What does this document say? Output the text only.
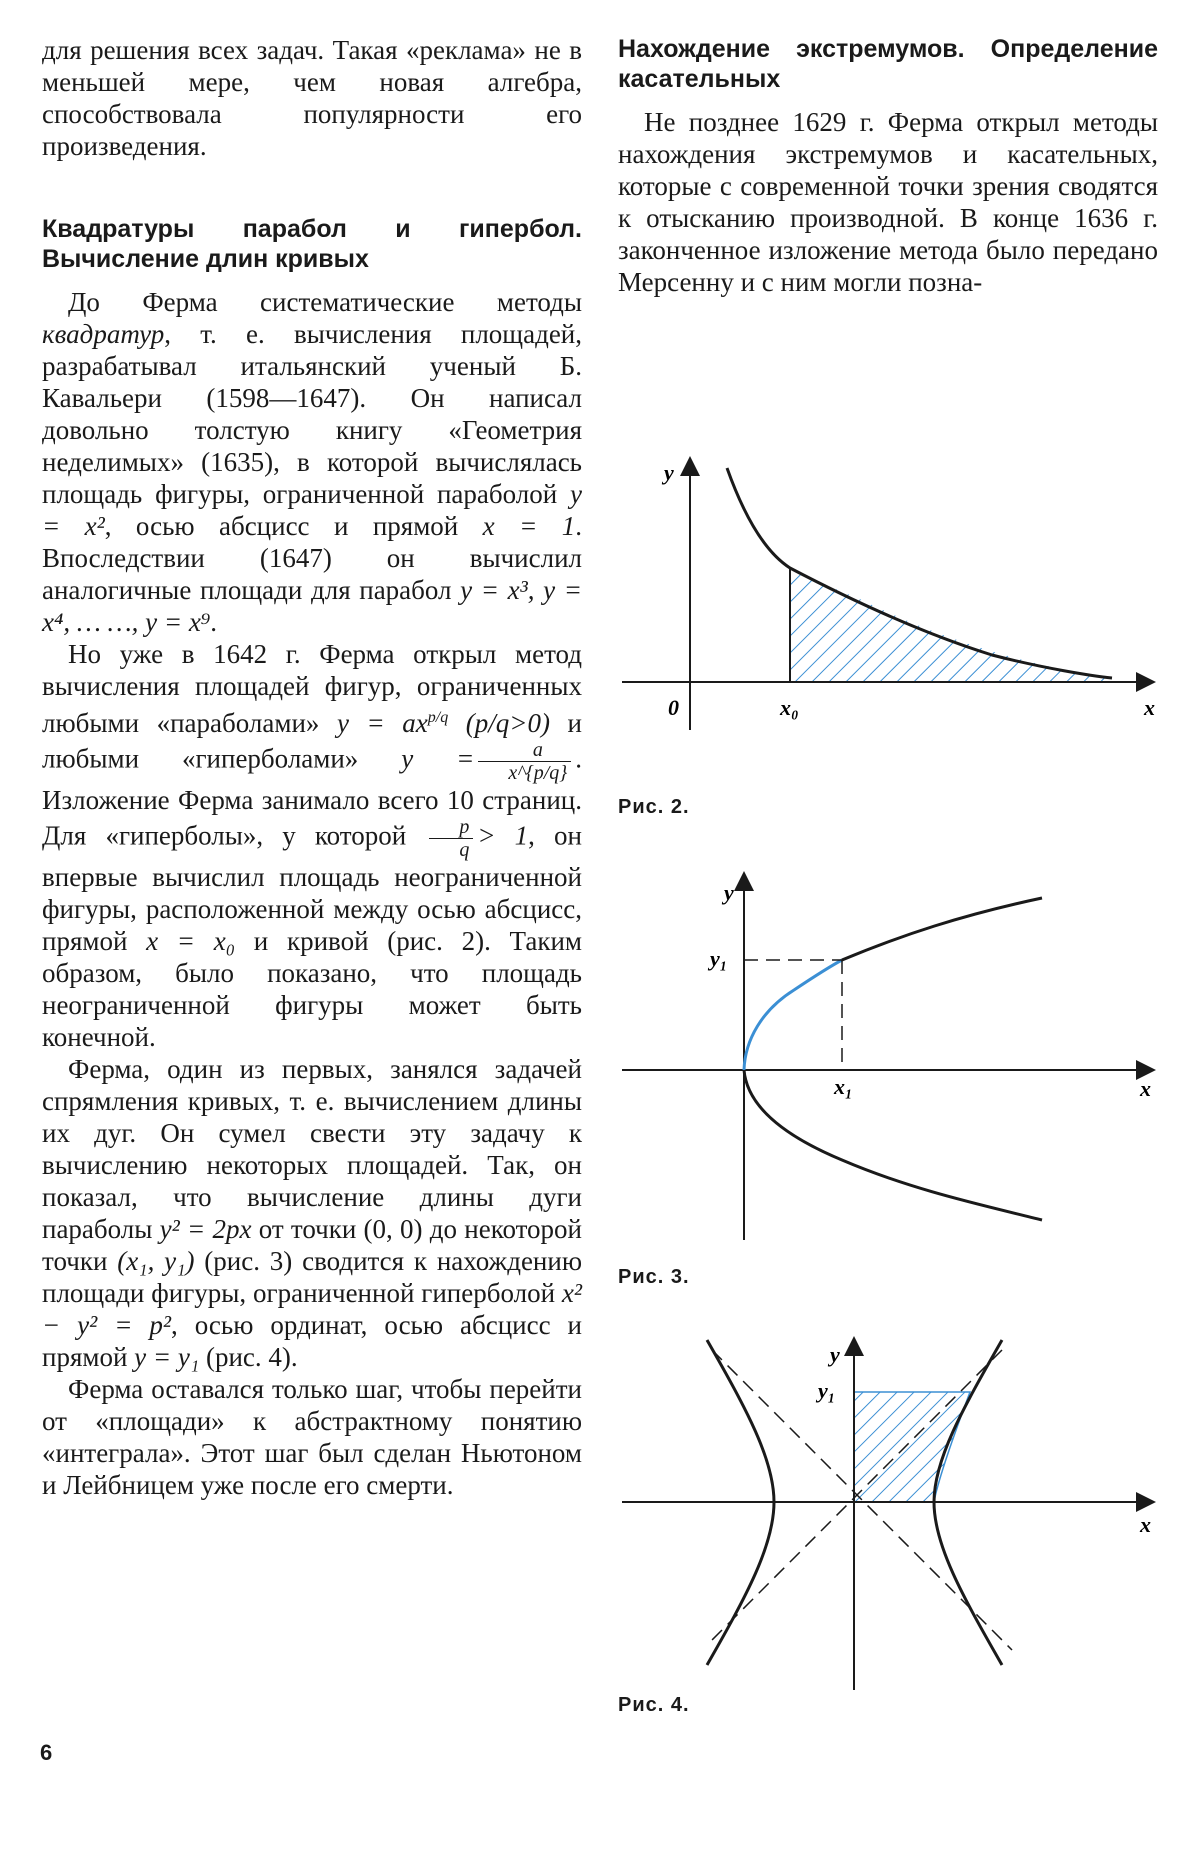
для решения всех задач. Такая «реклама» не в меньшей мере, чем новая алгебра, способствовала популярности его произведения.

Квадратуры парабол и гипербол. Вычисление длин кривых

До Ферма систематические методы квадратур, т. е. вычисления площадей, разрабатывал итальянский ученый Б. Кавальери (1598—1647). Он написал довольно толстую книгу «Геометрия неделимых» (1635), в которой вычислялась площадь фигуры, ограниченной параболой y = x², осью абсцисс и прямой x = 1. Впоследствии (1647) он вычислил аналогичные площади для парабол y = x³, y = x⁴, … …, y = x⁹.

Но уже в 1642 г. Ферма открыл метод вычисления площадей фигур, ограниченных любыми «параболами» $y = ax^{p/q}$ (p/q>0) и любыми «гиперболами» $y = \frac{a}{x\^{}\{p/q\}}$ . Изложение Ферма занимало всего 10 страниц. Для «гиперболы», у которой $\frac{p}{q} > 1$, он впервые вычислил площадь неограниченной фигуры, расположенной между осью абсцисс, прямой x = x₀ и кривой (рис. 2). Таким образом, было показано, что площадь неограниченной фигуры может быть конечной.

Ферма, один из первых, занялся задачей спрямления кривых, т. е. вычислением длины их дуг. Он сумел свести эту задачу к вычислению некоторых площадей. Так, он показал, что вычисление длины дуги параболы y² = 2px от точки (0, 0) до некоторой точки (x₁, y₁) (рис. 3) сводится к нахождению площади фигуры, ограниченной гиперболой x² − y² = p², осью ординат, осью абсцисс и прямой y = y₁ (рис. 4).

Ферма оставался только шаг, чтобы перейти от «площади» к абстрактному понятию «интеграла». Этот шаг был сделан Ньютоном и Лейбницем уже после его смерти.

Нахождение экстремумов. Определение касательных

Не позднее 1629 г. Ферма открыл методы нахождения экстремумов и касательных, которые с современной точки зрения сводятся к отысканию производной. В конце 1636 г. законченное изложение метода было передано Мерсенну и с ним могли позна-

y
x
0	x₀
Рис. 2.
y
x
y₁
x₁
Рис. 3.
y
x
y₁
Рис. 4.
6
